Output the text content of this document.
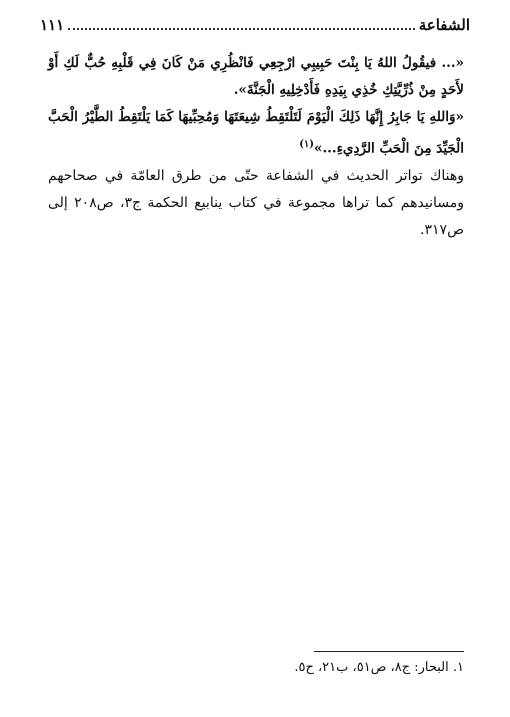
الشفاعة
١١١

«... فيقُولُ اللهُ يَا بِنْتَ حَبِيبِي ارْجِعِي فَانْظُرِي مَنْ كَانَ فِي قَلْبِهِ حُبٌّ لَكِ أَوْ لأَحَدٍ مِنْ ذُرِّيَّتِكِ خُذِي بِيَدِهِ فَأَدْخِلِيهِ الْجَنَّةَ».

«وَاللهِ يَا جَابِرُ إِنَّهَا ذَلِكَ الْيَوْمَ لَتَلْتَقِطُ شِيعَتَهَا وَمُحِبِّيهَا كَمَا يَلْتَقِطُ الطَّيْرُ الْحَبَّ الْجَيِّدَ مِنَ الْحَبِّ الرَّدِيءِ...»$^{(١)}$

وهناك تواتر الحديث في الشفاعة حتّى من طرق العامّة في صحاحهم ومسانيدهم كما تراها مجموعة في كتاب ينابيع الحكمة ج٣، ص٢٠٨ إلى ص٣١٧.

١. البحار: ج٨، ص٥١، ب٢١، ح٥.
